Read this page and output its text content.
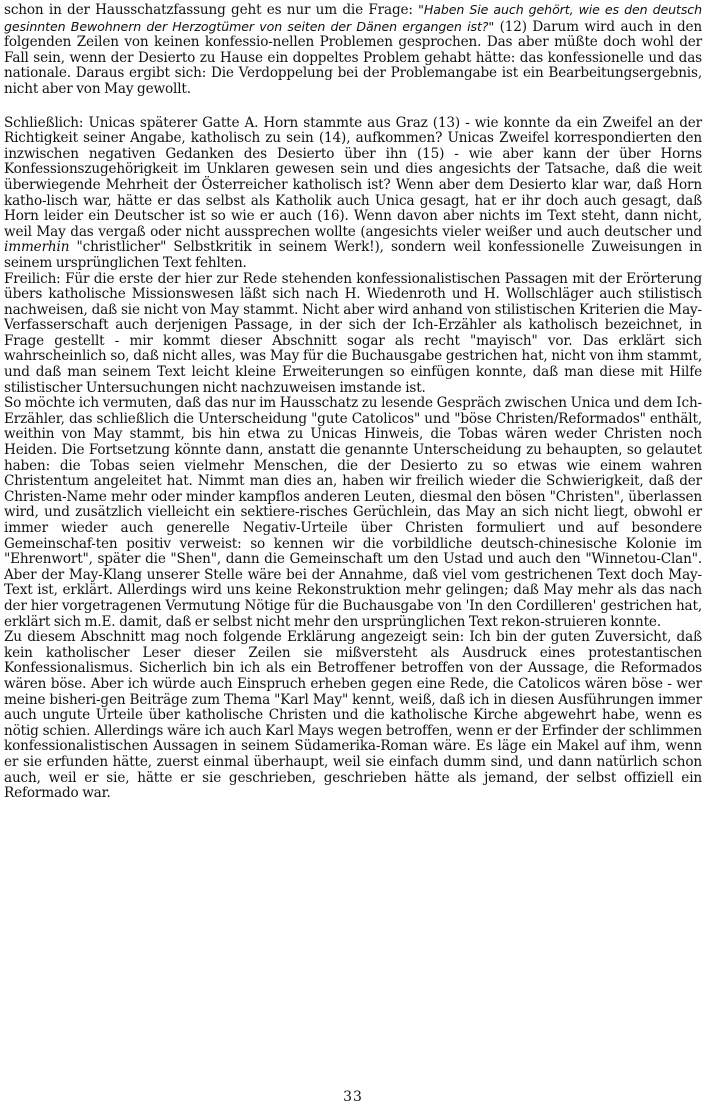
schon in der Hausschatzfassung geht es nur um die Frage: "Haben Sie auch gehört, wie es den deutsch gesinnten Bewohnern der Herzogtümer von seiten der Dänen ergangen ist?" (12) Darum wird auch in den folgenden Zeilen von keinen konfessio-nellen Problemen gesprochen. Das aber müßte doch wohl der Fall sein, wenn der Desierto zu Hause ein doppeltes Problem gehabt hätte: das konfessionelle und das nationale. Daraus ergibt sich: Die Verdoppelung bei der Problemangabe ist ein Bearbeitungsergebnis, nicht aber von May gewollt.

Schließlich: Unicas späterer Gatte A. Horn stammte aus Graz (13) - wie konnte da ein Zweifel an der Richtigkeit seiner Angabe, katholisch zu sein (14), aufkommen? Unicas Zweifel korrespondierten den inzwischen negativen Gedanken des Desierto über ihn (15) - wie aber kann der über Horns Konfessionszugehörigkeit im Unklaren gewesen sein und dies angesichts der Tatsache, daß die weit überwiegende Mehrheit der Österreicher katholisch ist? Wenn aber dem Desierto klar war, daß Horn katho-lisch war, hätte er das selbst als Katholik auch Unica gesagt, hat er ihr doch auch gesagt, daß Horn leider ein Deutscher ist so wie er auch (16). Wenn davon aber nichts im Text steht, dann nicht, weil May das vergaß oder nicht aussprechen wollte (angesichts vieler weißer und auch deutscher und immerhin "christlicher" Selbstkritik in seinem Werk!), sondern weil konfessionelle Zuweisungen in seinem ursprünglichen Text fehlten.

Freilich: Für die erste der hier zur Rede stehenden konfessionalistischen Passagen mit der Erörterung übers katholische Missionswesen läßt sich nach H. Wiedenroth und H. Wollschläger auch stilistisch nachweisen, daß sie nicht von May stammt. Nicht aber wird anhand von stilistischen Kriterien die May-Verfasserschaft auch derjenigen Passage, in der sich der Ich-Erzähler als katholisch bezeichnet, in Frage gestellt - mir kommt dieser Abschnitt sogar als recht "mayisch" vor. Das erklärt sich wahrscheinlich so, daß nicht alles, was May für die Buchausgabe gestrichen hat, nicht von ihm stammt, und daß man seinem Text leicht kleine Erweiterungen so einfügen konnte, daß man diese mit Hilfe stilistischer Untersuchungen nicht nachzuweisen imstande ist.

So möchte ich vermuten, daß das nur im Hausschatz zu lesende Gespräch zwischen Unica und dem Ich-Erzähler, das schließlich die Unterscheidung "gute Catolicos" und "böse Christen/Reformados" enthält, weithin von May stammt, bis hin etwa zu Unicas Hinweis, die Tobas wären weder Christen noch Heiden. Die Fortsetzung könnte dann, anstatt die genannte Unterscheidung zu behaupten, so gelautet haben: die Tobas seien vielmehr Menschen, die der Desierto zu so etwas wie einem wahren Christentum angeleitet hat. Nimmt man dies an, haben wir freilich wieder die Schwierigkeit, daß der Christen-Name mehr oder minder kampflos anderen Leuten, diesmal den bösen "Christen", überlassen wird, und zusätzlich vielleicht ein sektiere-risches Gerüchlein, das May an sich nicht liegt, obwohl er immer wieder auch generelle Negativ-Urteile über Christen formuliert und auf besondere Gemeinschaf-ten positiv verweist: so kennen wir die vorbildliche deutsch-chinesische Kolonie im "Ehrenwort", später die "Shen", dann die Gemeinschaft um den Ustad und auch den "Winnetou-Clan". Aber der May-Klang unserer Stelle wäre bei der Annahme, daß viel vom gestrichenen Text doch May-Text ist, erklärt. Allerdings wird uns keine Rekonstruktion mehr gelingen; daß May mehr als das nach der hier vorgetragenen Vermutung Nötige für die Buchausgabe von 'In den Cordilleren' gestrichen hat, erklärt sich m.E. damit, daß er selbst nicht mehr den ursprünglichen Text rekon-struieren konnte.

Zu diesem Abschnitt mag noch folgende Erklärung angezeigt sein: Ich bin der guten Zuversicht, daß kein katholischer Leser dieser Zeilen sie mißversteht als Ausdruck eines protestantischen Konfessionalismus. Sicherlich bin ich als ein Betroffener betroffen von der Aussage, die Reformados wären böse. Aber ich würde auch Einspruch erheben gegen eine Rede, die Catolicos wären böse - wer meine bisheri-gen Beiträge zum Thema "Karl May" kennt, weiß, daß ich in diesen Ausführungen immer auch ungute Urteile über katholische Christen und die katholische Kirche abgewehrt habe, wenn es nötig schien. Allerdings wäre ich auch Karl Mays wegen betroffen, wenn er der Erfinder der schlimmen konfessionalistischen Aussagen in seinem Südamerika-Roman wäre. Es läge ein Makel auf ihm, wenn er sie erfunden hätte, zuerst einmal überhaupt, weil sie einfach dumm sind, und dann natürlich schon auch, weil er sie, hätte er sie geschrieben, geschrieben hätte als jemand, der selbst offiziell ein Reformado war.

33
